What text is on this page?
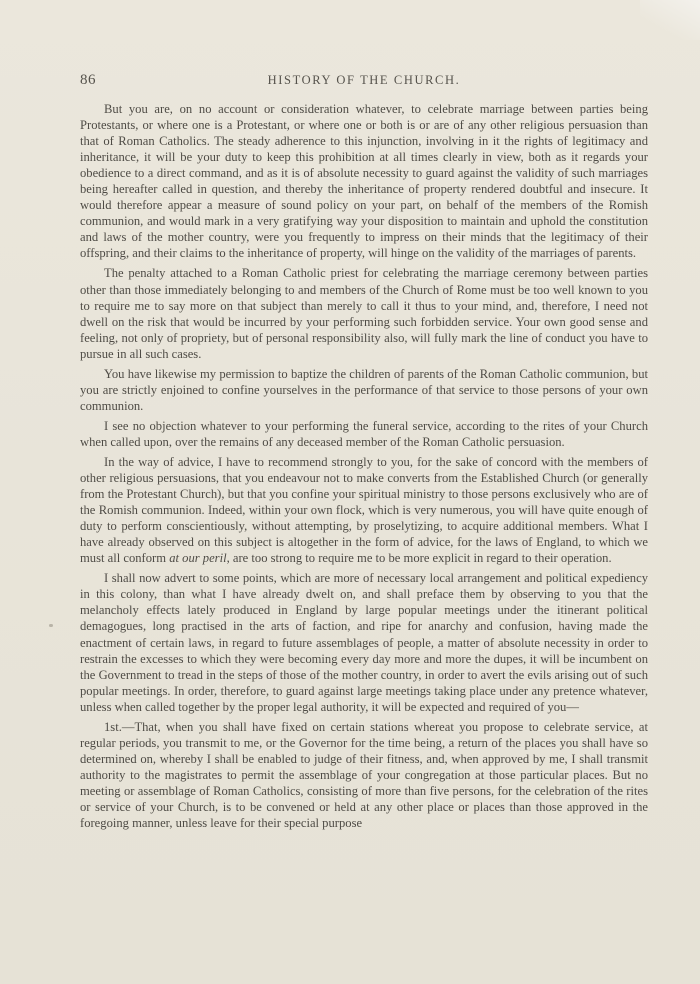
86	HISTORY OF THE CHURCH.

But you are, on no account or consideration whatever, to celebrate marriage between parties being Protestants, or where one is a Protestant, or where one or both is or are of any other religious persuasion than that of Roman Catholics. The steady adherence to this injunction, involving in it the rights of legitimacy and inheritance, it will be your duty to keep this prohibition at all times clearly in view, both as it regards your obedience to a direct command, and as it is of absolute necessity to guard against the validity of such marriages being hereafter called in question, and thereby the inheritance of property rendered doubtful and insecure. It would therefore appear a measure of sound policy on your part, on behalf of the members of the Romish communion, and would mark in a very gratifying way your disposition to maintain and uphold the constitution and laws of the mother country, were you frequently to impress on their minds that the legitimacy of their offspring, and their claims to the inheritance of property, will hinge on the validity of the marriages of parents.

The penalty attached to a Roman Catholic priest for celebrating the marriage ceremony between parties other than those immediately belonging to and members of the Church of Rome must be too well known to you to require me to say more on that subject than merely to call it thus to your mind, and, therefore, I need not dwell on the risk that would be incurred by your performing such forbidden service. Your own good sense and feeling, not only of propriety, but of personal responsibility also, will fully mark the line of conduct you have to pursue in all such cases.

You have likewise my permission to baptize the children of parents of the Roman Catholic communion, but you are strictly enjoined to confine yourselves in the performance of that service to those persons of your own communion.

I see no objection whatever to your performing the funeral service, according to the rites of your Church when called upon, over the remains of any deceased member of the Roman Catholic persuasion.

In the way of advice, I have to recommend strongly to you, for the sake of concord with the members of other religious persuasions, that you endeavour not to make converts from the Established Church (or generally from the Protestant Church), but that you confine your spiritual ministry to those persons exclusively who are of the Romish communion. Indeed, within your own flock, which is very numerous, you will have quite enough of duty to perform conscientiously, without attempting, by proselytizing, to acquire additional members. What I have already observed on this subject is altogether in the form of advice, for the laws of England, to which we must all conform at our peril, are too strong to require me to be more explicit in regard to their operation.

I shall now advert to some points, which are more of necessary local arrangement and political expediency in this colony, than what I have already dwelt on, and shall preface them by observing to you that the melancholy effects lately produced in England by large popular meetings under the itinerant political demagogues, long practised in the arts of faction, and ripe for anarchy and confusion, having made the enactment of certain laws, in regard to future assemblages of people, a matter of absolute necessity in order to restrain the excesses to which they were becoming every day more and more the dupes, it will be incumbent on the Government to tread in the steps of those of the mother country, in order to avert the evils arising out of such popular meetings. In order, therefore, to guard against large meetings taking place under any pretence whatever, unless when called together by the proper legal authority, it will be expected and required of you—

1st.—That, when you shall have fixed on certain stations whereat you propose to celebrate service, at regular periods, you transmit to me, or the Governor for the time being, a return of the places you shall have so determined on, whereby I shall be enabled to judge of their fitness, and, when approved by me, I shall transmit authority to the magistrates to permit the assemblage of your congregation at those particular places. But no meeting or assemblage of Roman Catholics, consisting of more than five persons, for the celebration of the rites or service of your Church, is to be convened or held at any other place or places than those approved in the foregoing manner, unless leave for their special purpose
